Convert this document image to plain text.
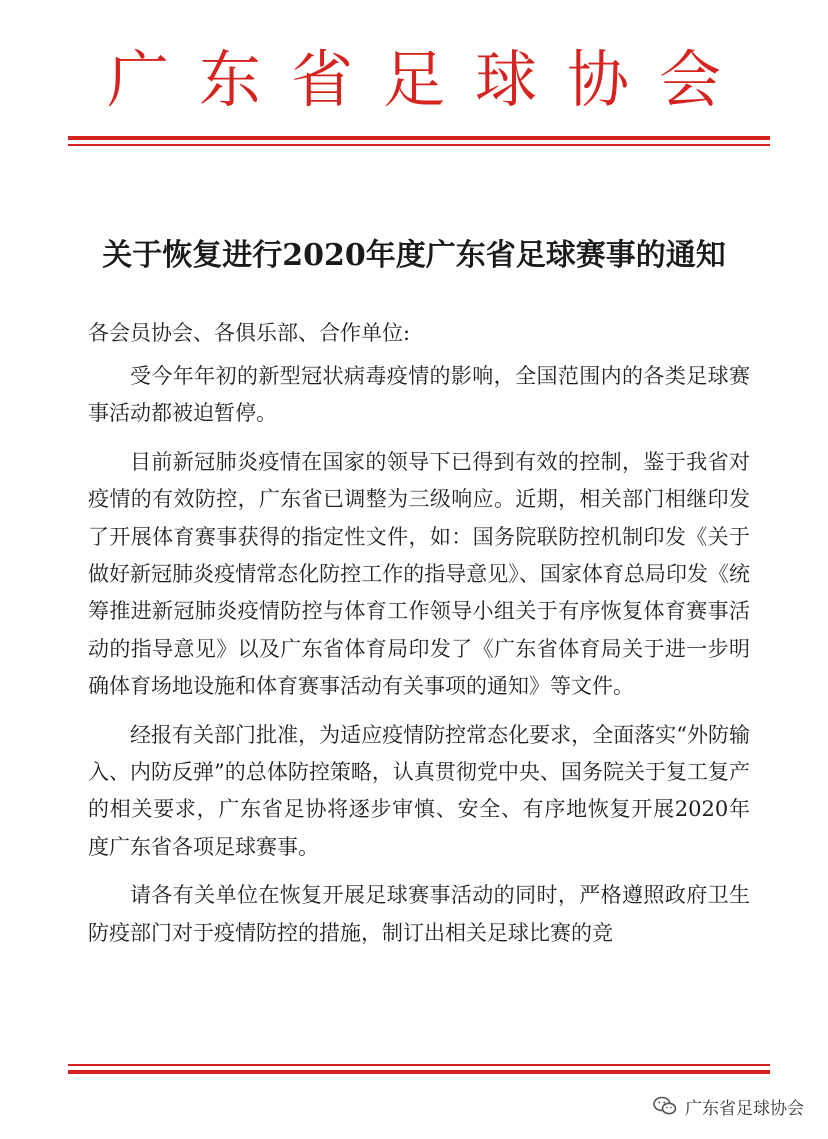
广东省足球协会
关于恢复进行2020年度广东省足球赛事的通知
各会员协会、各俱乐部、合作单位:

受今年年初的新型冠状病毒疫情的影响，全国范围内的各类足球赛事活动都被迫暂停。

目前新冠肺炎疫情在国家的领导下已得到有效的控制，鉴于我省对疫情的有效防控，广东省已调整为三级响应。近期，相关部门相继印发了开展体育赛事获得的指定性文件，如：国务院联防控机制印发《关于做好新冠肺炎疫情常态化防控工作的指导意见》、国家体育总局印发《统筹推进新冠肺炎疫情防控与体育工作领导小组关于有序恢复体育赛事活动的指导意见》以及广东省体育局印发了《广东省体育局关于进一步明确体育场地设施和体育赛事活动有关事项的通知》等文件。

经报有关部门批准，为适应疫情防控常态化要求，全面落实“外防输入、内防反弹”的总体防控策略，认真贯彻党中央、国务院关于复工复产的相关要求，广东省足协将逐步审慎、安全、有序地恢复开展2020年度广东省各项足球赛事。

请各有关单位在恢复开展足球赛事活动的同时，严格遵照政府卫生防疫部门对于疫情防控的措施，制订出相关足球比赛的竞

广东省足球协会
